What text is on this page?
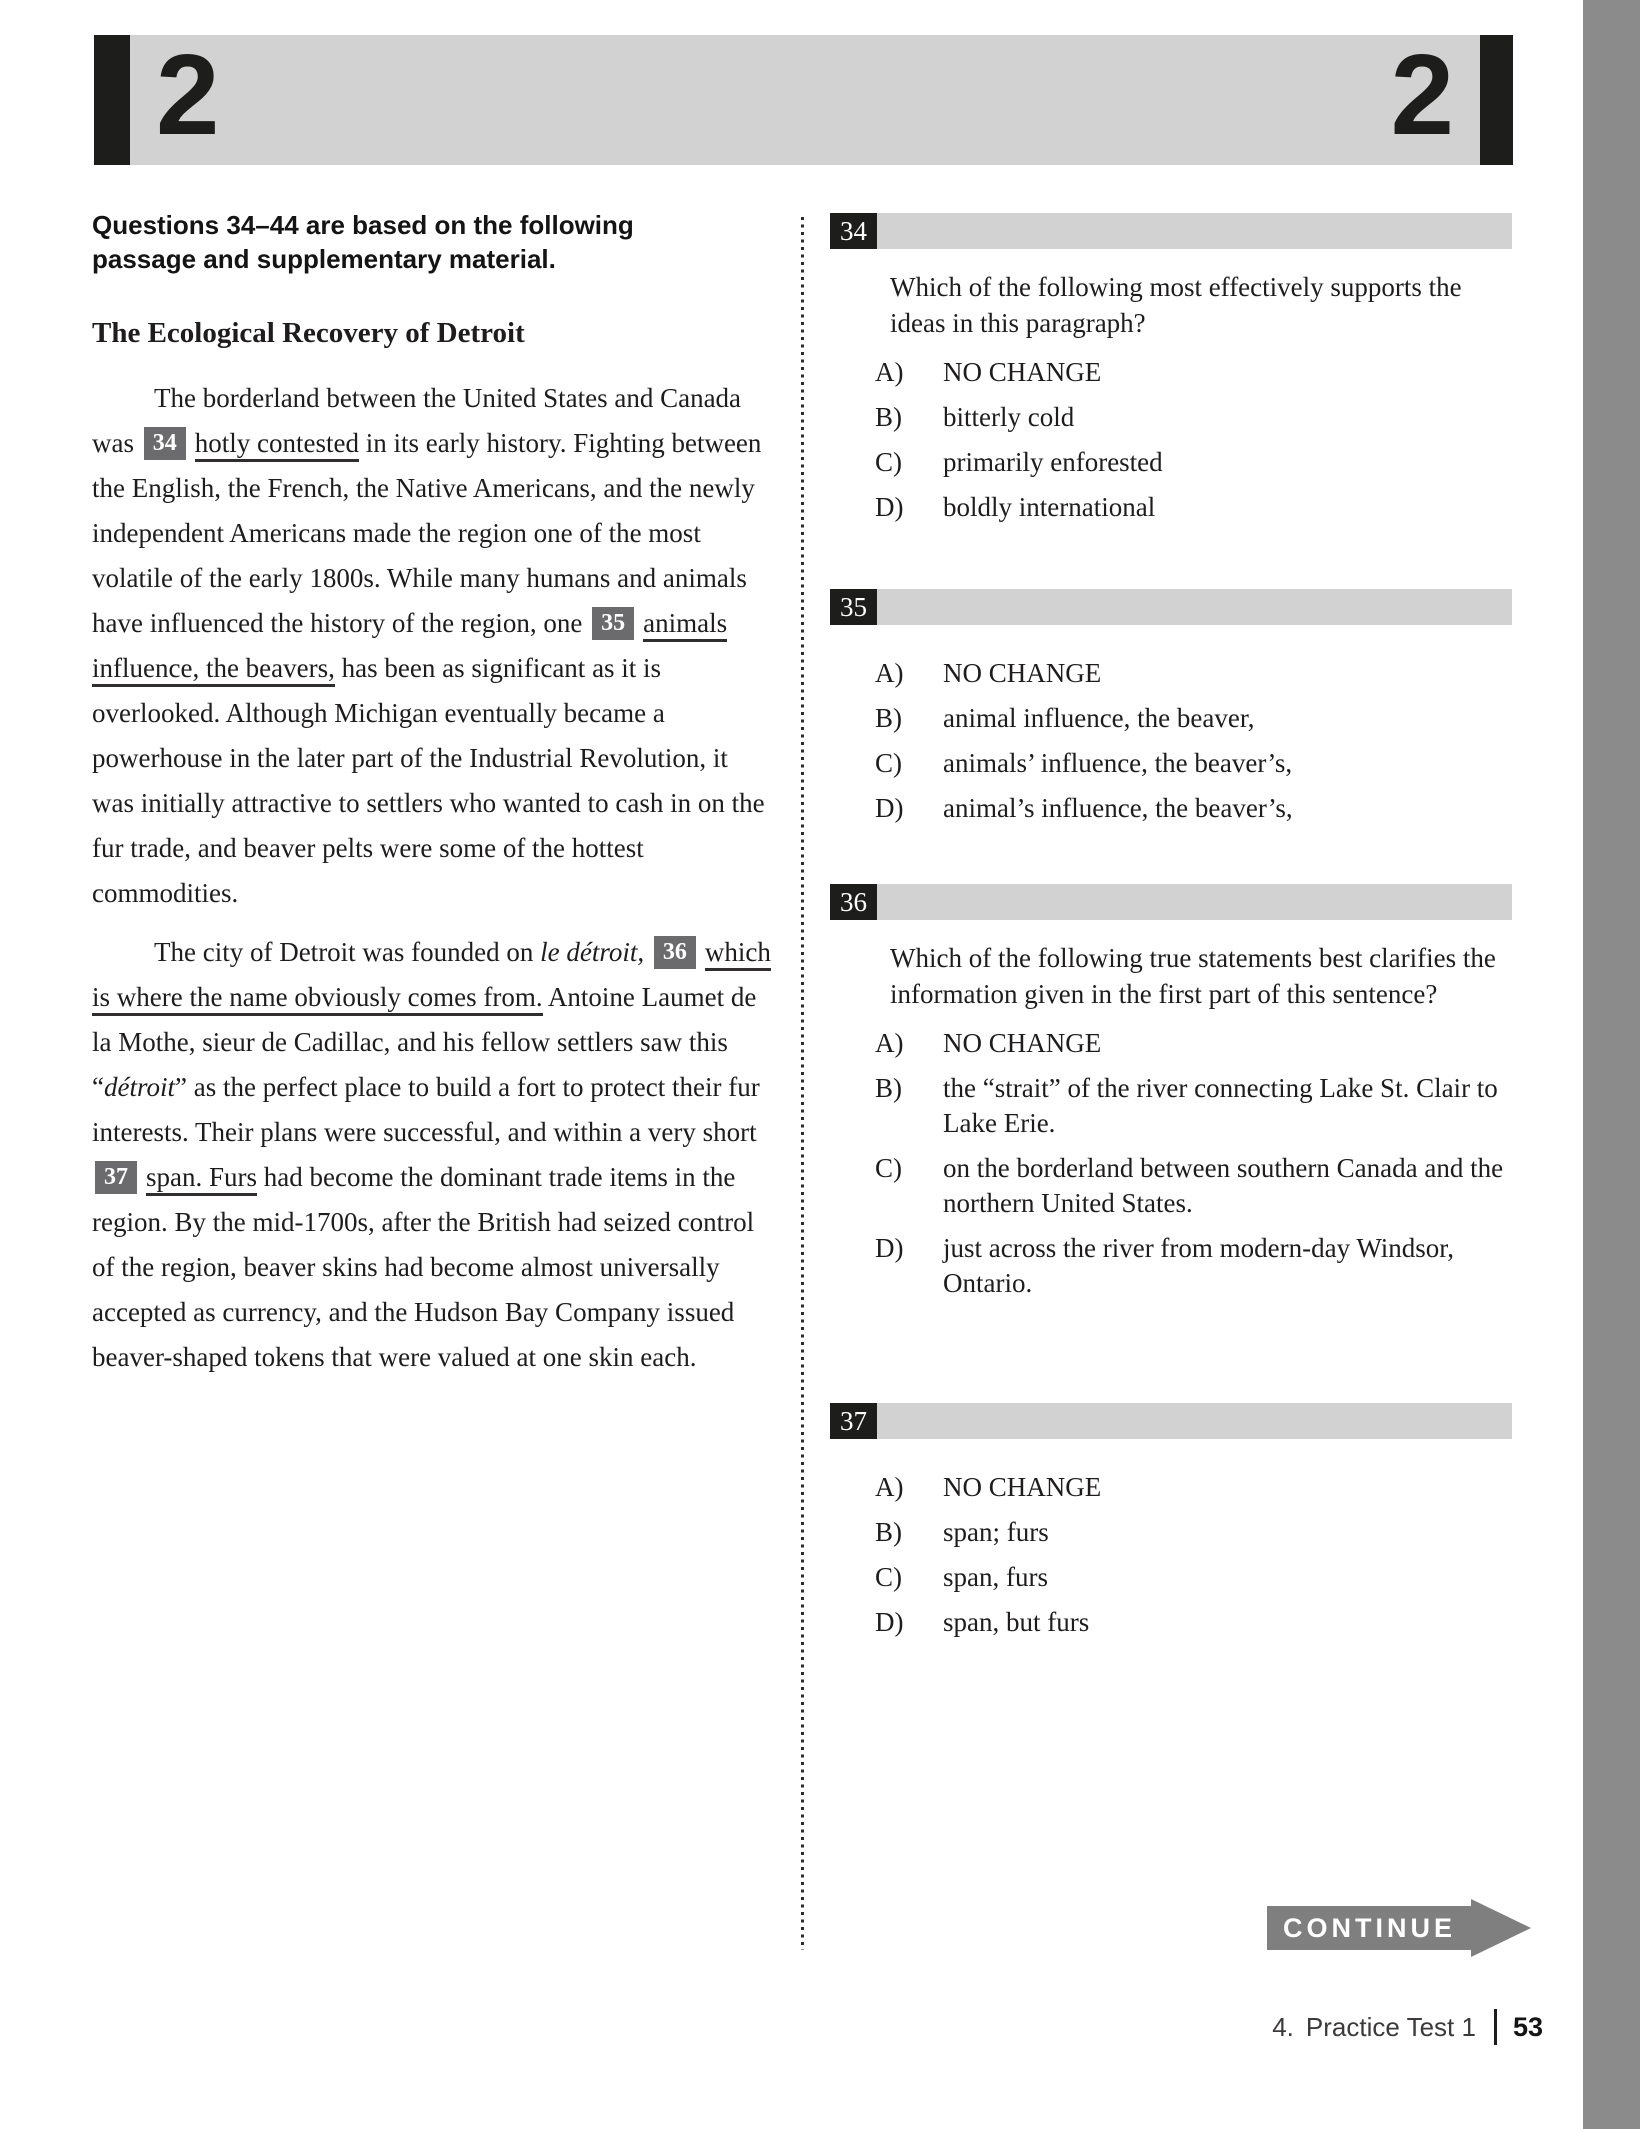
2	2
Questions 34–44 are based on the following passage and supplementary material.
The Ecological Recovery of Detroit

The borderland between the United States and Canada was 34 hotly contested in its early history. Fighting between the English, the French, the Native Americans, and the newly independent Americans made the region one of the most volatile of the early 1800s. While many humans and animals have influenced the history of the region, one 35 animals influence, the beavers, has been as significant as it is overlooked. Although Michigan eventually became a powerhouse in the later part of the Industrial Revolution, it was initially attractive to settlers who wanted to cash in on the fur trade, and beaver pelts were some of the hottest commodities.

The city of Detroit was founded on le détroit, 36 which is where the name obviously comes from. Antoine Laumet de la Mothe, sieur de Cadillac, and his fellow settlers saw this “détroit” as the perfect place to build a fort to protect their fur interests. Their plans were successful, and within a very short 37 span. Furs had become the dominant trade items in the region. By the mid-1700s, after the British had seized control of the region, beaver skins had become almost universally accepted as currency, and the Hudson Bay Company issued beaver-shaped tokens that were valued at one skin each.

34
Which of the following most effectively supports the ideas in this paragraph?
A)	NO CHANGE
B)	bitterly cold
C)	primarily enforested
D)	boldly international
35
A)	NO CHANGE
B)	animal influence, the beaver,
C)	animals’ influence, the beaver’s,
D)	animal’s influence, the beaver’s,
36
Which of the following true statements best clarifies the information given in the first part of this sentence?
A)	NO CHANGE
B)	the “strait” of the river connecting Lake St. Clair to Lake Erie.
C)	on the borderland between southern Canada and the northern United States.
D)	just across the river from modern-day Windsor, Ontario.
37
A)	NO CHANGE
B)	span; furs
C)	span, furs
D)	span, but furs
CONTINUE
4. Practice Test 1 53
